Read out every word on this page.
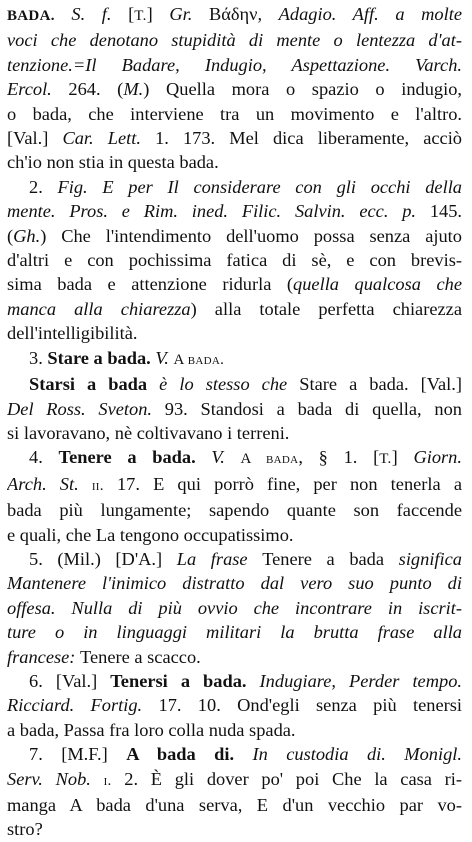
BADA. S. f. [T.] Gr. Βάδην, Adagio. Aff. a molte
voci che denotano stupidità di mente o lentezza d'at-
tenzione.=Il Badare, Indugio, Aspettazione. Varch.
Ercol. 264. (M.) Quella mora o spazio o indugio,
o bada, che interviene tra un movimento e l'altro.
[Val.] Car. Lett. 1. 173. Mel dica liberamente, acciò
ch'io non stia in questa bada.
2. Fig. E per Il considerare con gli occhi della
mente. Pros. e Rim. ined. Filic. Salvin. ecc. p. 145.
(Gh.) Che l'intendimento dell'uomo possa senza ajuto
d'altri e con pochissima fatica di sè, e con brevis-
sima bada e attenzione ridurla (quella qualcosa che
manca alla chiarezza) alla totale perfetta chiarezza
dell'intelligibilità.
3. Stare a bada. V. A bada.
Starsi a bada è lo stesso che Stare a bada. [Val.]
Del Ross. Sveton. 93. Standosi a bada di quella, non
si lavoravano, nè coltivavano i terreni.
4. Tenere a bada. V. A bada, § 1. [T.] Giorn.
Arch. St. ii. 17. E qui porrò fine, per non tenerla a
bada più lungamente; sapendo quante son faccende
e quali, che La tengono occupatissimo.
5. (Mil.) [D'A.] La frase Tenere a bada significa
Mantenere l'inimico distratto dal vero suo punto di
offesa. Nulla di più ovvio che incontrare in iscrit-
ture o in linguaggi militari la brutta frase alla
francese: Tenere a scacco.
6. [Val.] Tenersi a bada. Indugiare, Perder tempo.
Ricciard. Fortig. 17. 10. Ond'egli senza più tenersi
a bada, Passa fra loro colla nuda spada.
7. [M.F.] A bada di. In custodia di. Monigl.
Serv. Nob. i. 2. È gli dover po' poi Che la casa ri-
manga A bada d'una serva, E d'un vecchio par vo-
stro?
